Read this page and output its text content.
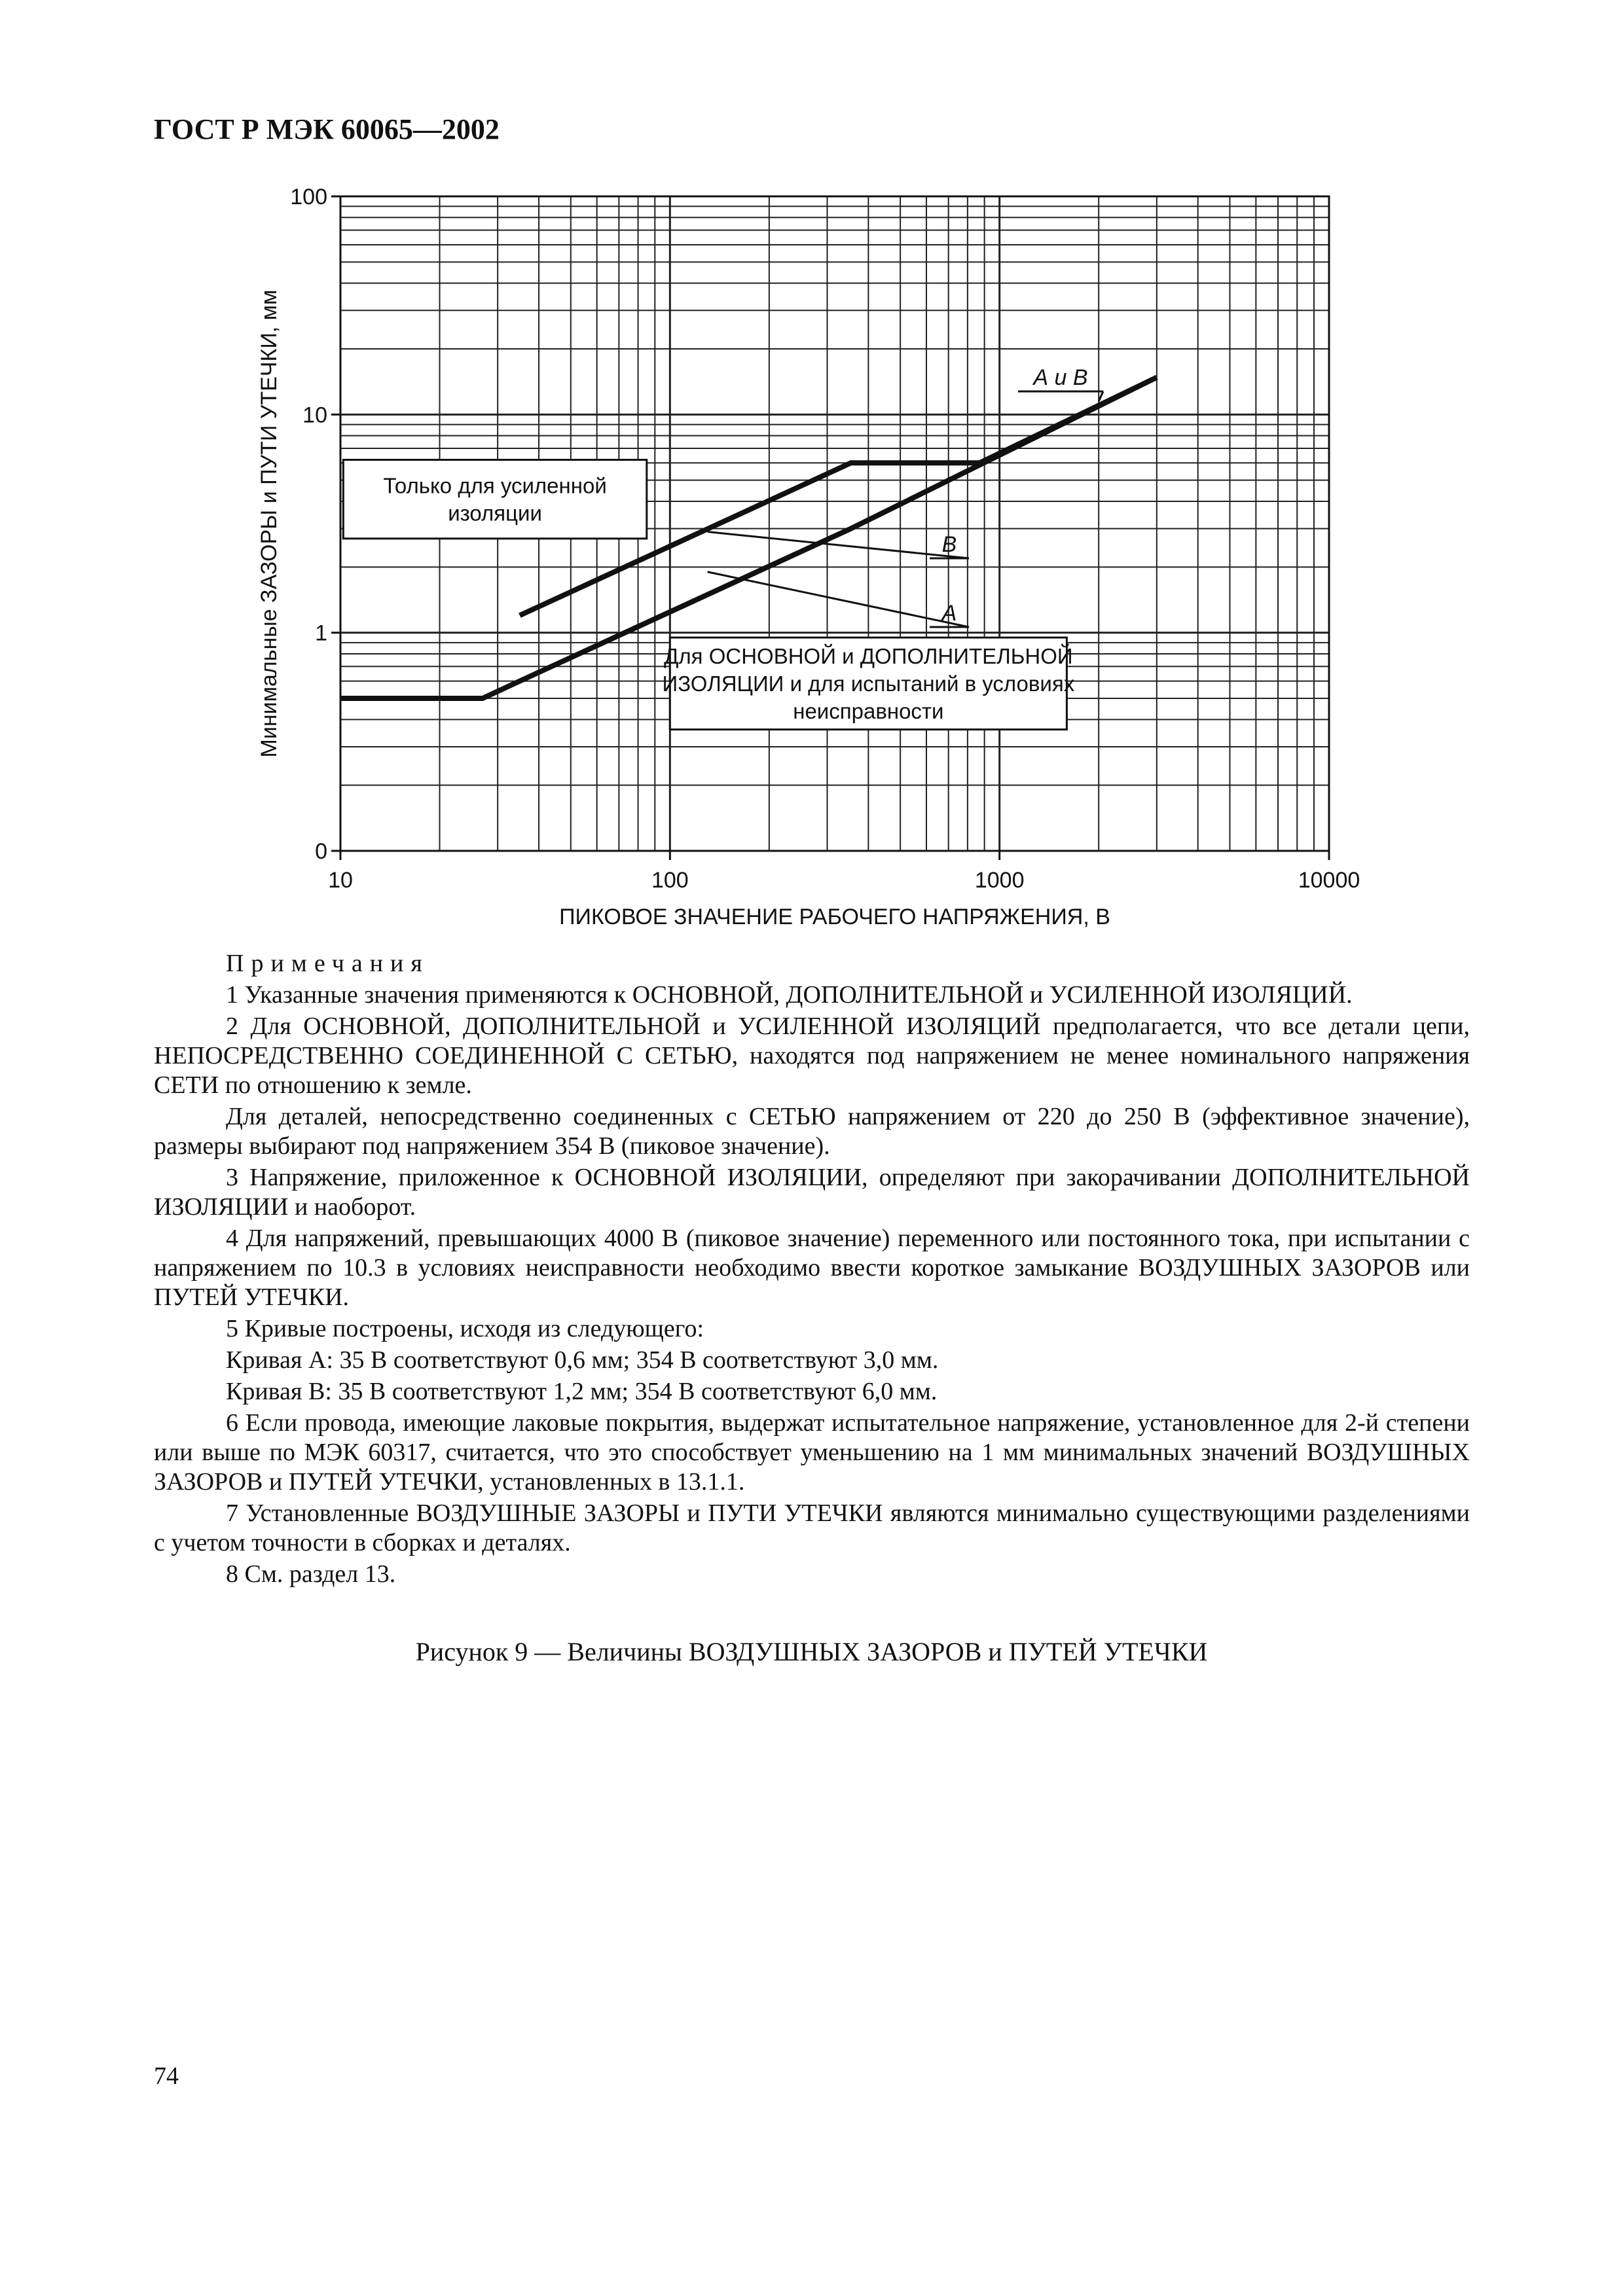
ГОСТ Р МЭК 60065—2002
0
1
10
100
10	100	1000	10000
ПИКОВОЕ ЗНАЧЕНИЕ РАБОЧЕГО НАПРЯЖЕНИЯ, В
Минимальные ЗАЗОРЫ и ПУТИ УТЕЧКИ, мм	Только для усиленной
изоляции
Для ОСНОВНОЙ и ДОПОЛНИТЕЛЬНОЙ
ИЗОЛЯЦИИ и для испытаний в условиях
неисправности
А и В
В
А

Примечания

1 Указанные значения применяются к ОСНОВНОЙ, ДОПОЛНИТЕЛЬНОЙ и УСИЛЕННОЙ ИЗОЛЯЦИЙ.

2 Для ОСНОВНОЙ, ДОПОЛНИТЕЛЬНОЙ и УСИЛЕННОЙ ИЗОЛЯЦИЙ предполагается, что все детали цепи, НЕПОСРЕДСТВЕННО СОЕДИНЕННОЙ С СЕТЬЮ, находятся под напряжением не менее номинального напряжения СЕТИ по отношению к земле.

Для деталей, непосредственно соединенных с СЕТЬЮ напряжением от 220 до 250 В (эффективное значение), размеры выбирают под напряжением 354 В (пиковое значение).

3 Напряжение, приложенное к ОСНОВНОЙ ИЗОЛЯЦИИ, определяют при закорачивании ДОПОЛНИТЕЛЬНОЙ ИЗОЛЯЦИИ и наоборот.

4 Для напряжений, превышающих 4000 В (пиковое значение) переменного или постоянного тока, при испытании с напряжением по 10.3 в условиях неисправности необходимо ввести короткое замыкание ВОЗДУШНЫХ ЗАЗОРОВ или ПУТЕЙ УТЕЧКИ.

5 Кривые построены, исходя из следующего:

Кривая А: 35 В соответствуют 0,6 мм; 354 В соответствуют 3,0 мм.

Кривая В: 35 В соответствуют 1,2 мм; 354 В соответствуют 6,0 мм.

6 Если провода, имеющие лаковые покрытия, выдержат испытательное напряжение, установленное для 2-й степени или выше по МЭК 60317, считается, что это способствует уменьшению на 1 мм минимальных значений ВОЗДУШНЫХ ЗАЗОРОВ и ПУТЕЙ УТЕЧКИ, установленных в 13.1.1.

7 Установленные ВОЗДУШНЫЕ ЗАЗОРЫ и ПУТИ УТЕЧКИ являются минимально существующими разделениями с учетом точности в сборках и деталях.

8 См. раздел 13.

Рисунок 9 — Величины ВОЗДУШНЫХ ЗАЗОРОВ и ПУТЕЙ УТЕЧКИ
74
